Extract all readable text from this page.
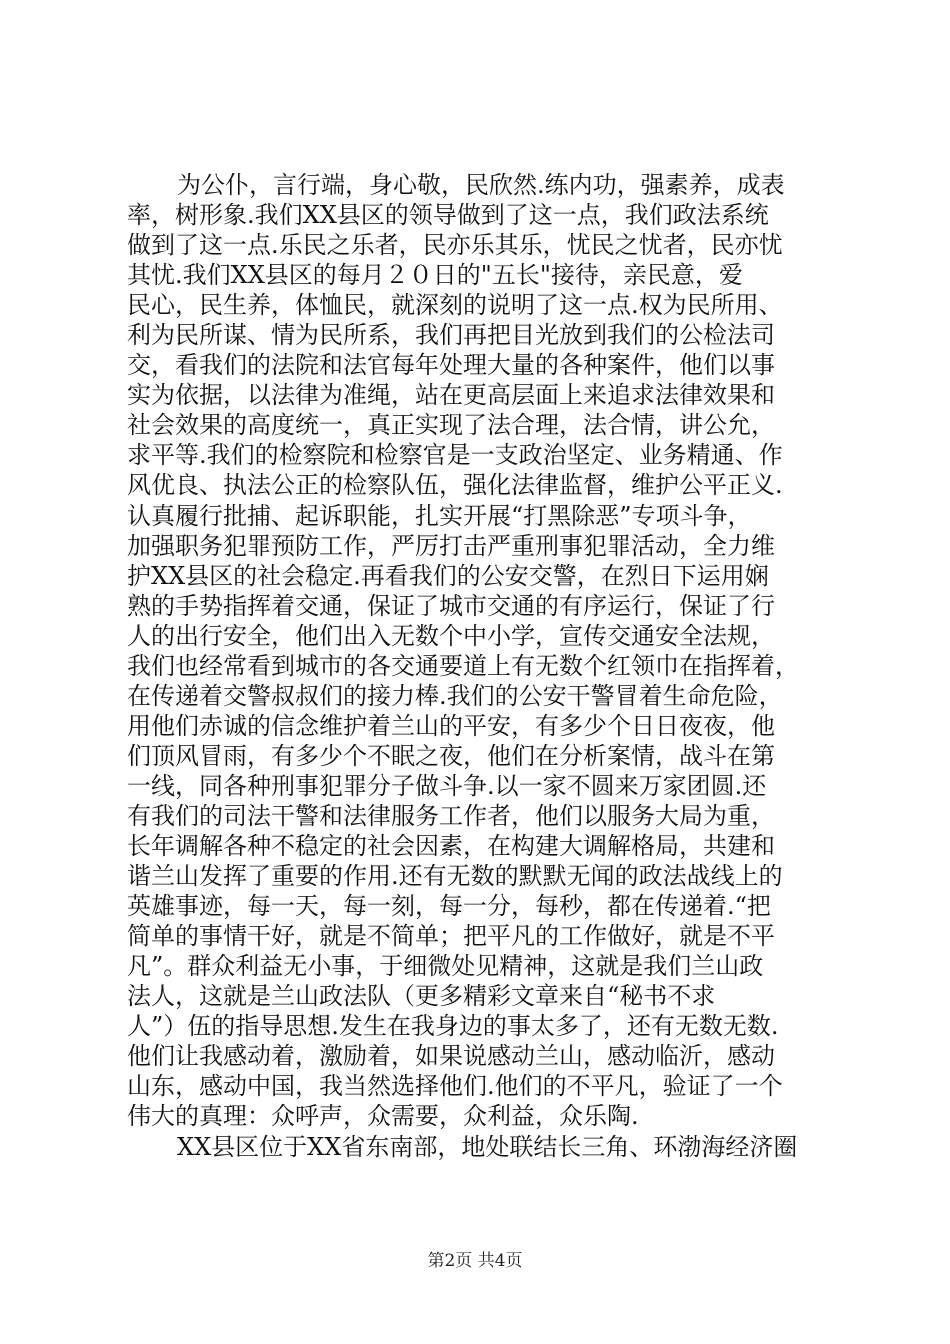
为公仆，言行端，身心敬，民欣然.练内功，强素养，成表
率，树形象.我们XX县区的领导做到了这一点，我们政法系统
做到了这一点.乐民之乐者，民亦乐其乐，忧民之忧者，民亦忧
其忧.我们XX县区的每月２０日的"五长"接待，亲民意，爱
民心，民生养，体恤民，就深刻的说明了这一点.权为民所用、
利为民所谋、情为民所系，我们再把目光放到我们的公检法司
交，看我们的法院和法官每年处理大量的各种案件，他们以事
实为依据，以法律为准绳，站在更高层面上来追求法律效果和
社会效果的高度统一，真正实现了法合理，法合情，讲公允，
求平等.我们的检察院和检察官是一支政治坚定、业务精通、作
风优良、执法公正的检察队伍，强化法律监督，维护公平正义.
认真履行批捕、起诉职能，扎实开展“打黑除恶”专项斗争，
加强职务犯罪预防工作，严厉打击严重刑事犯罪活动，全力维
护XX县区的社会稳定.再看我们的公安交警，在烈日下运用娴
熟的手势指挥着交通，保证了城市交通的有序运行，保证了行
人的出行安全，他们出入无数个中小学，宣传交通安全法规，
我们也经常看到城市的各交通要道上有无数个红领巾在指挥着，
在传递着交警叔叔们的接力棒.我们的公安干警冒着生命危险，
用他们赤诚的信念维护着兰山的平安，有多少个日日夜夜，他
们顶风冒雨，有多少个不眠之夜，他们在分析案情，战斗在第
一线，同各种刑事犯罪分子做斗争.以一家不圆来万家团圆.还
有我们的司法干警和法律服务工作者，他们以服务大局为重，
长年调解各种不稳定的社会因素，在构建大调解格局，共建和
谐兰山发挥了重要的作用.还有无数的默默无闻的政法战线上的
英雄事迹，每一天，每一刻，每一分，每秒，都在传递着.“把
简单的事情干好，就是不简单；把平凡的工作做好，就是不平
凡”。群众利益无小事，于细微处见精神，这就是我们兰山政
法人，这就是兰山政法队（更多精彩文章来自“秘书不求
人”）伍的指导思想.发生在我身边的事太多了，还有无数无数.
他们让我感动着，激励着，如果说感动兰山，感动临沂，感动
山东，感动中国，我当然选择他们.他们的不平凡，验证了一个
伟大的真理：众呼声，众需要，众利益，众乐陶.
XX县区位于XX省东南部，地处联结长三角、环渤海经济圈
第2页 共4页
